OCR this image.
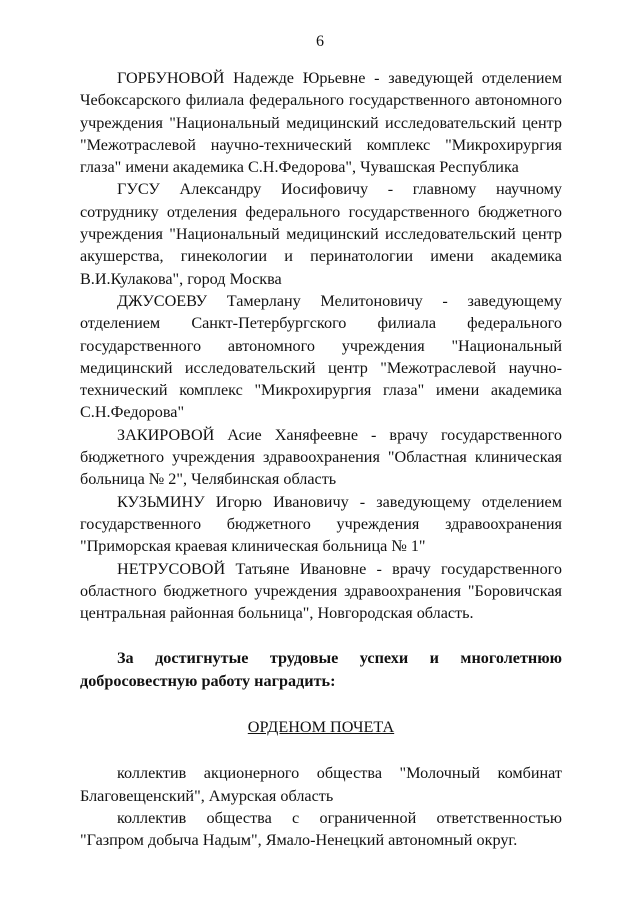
6

ГОРБУНОВОЙ Надежде Юрьевне - заведующей отделением Чебоксарского филиала федерального государственного автономного учреждения "Национальный медицинский исследовательский центр "Межотраслевой научно-технический комплекс "Микрохирургия глаза" имени академика С.Н.Федорова", Чувашская Республика

ГУСУ Александру Иосифовичу - главному научному сотруднику отделения федерального государственного бюджетного учреждения "Национальный медицинский исследовательский центр акушерства, гинекологии и перинатологии имени академика В.И.Кулакова", город Москва

ДЖУСОЕВУ Тамерлану Мелитоновичу - заведующему отделением Санкт-Петербургского филиала федерального государственного автономного учреждения "Национальный медицинский исследовательский центр "Межотраслевой научно-технический комплекс "Микрохирургия глаза" имени академика С.Н.Федорова"

ЗАКИРОВОЙ Асие Ханяфеевне - врачу государственного бюджетного учреждения здравоохранения "Областная клиническая больница № 2", Челябинская область

КУЗЬМИНУ Игорю Ивановичу - заведующему отделением государственного бюджетного учреждения здравоохранения "Приморская краевая клиническая больница № 1"

НЕТРУСОВОЙ Татьяне Ивановне - врачу государственного областного бюджетного учреждения здравоохранения "Боровичская центральная районная больница", Новгородская область.

За достигнутые трудовые успехи и многолетнюю добросовестную работу наградить:

ОРДЕНОМ ПОЧЕТА

коллектив акционерного общества "Молочный комбинат Благовещенский", Амурская область

коллектив общества с ограниченной ответственностью "Газпром добыча Надым", Ямало-Ненецкий автономный округ.
